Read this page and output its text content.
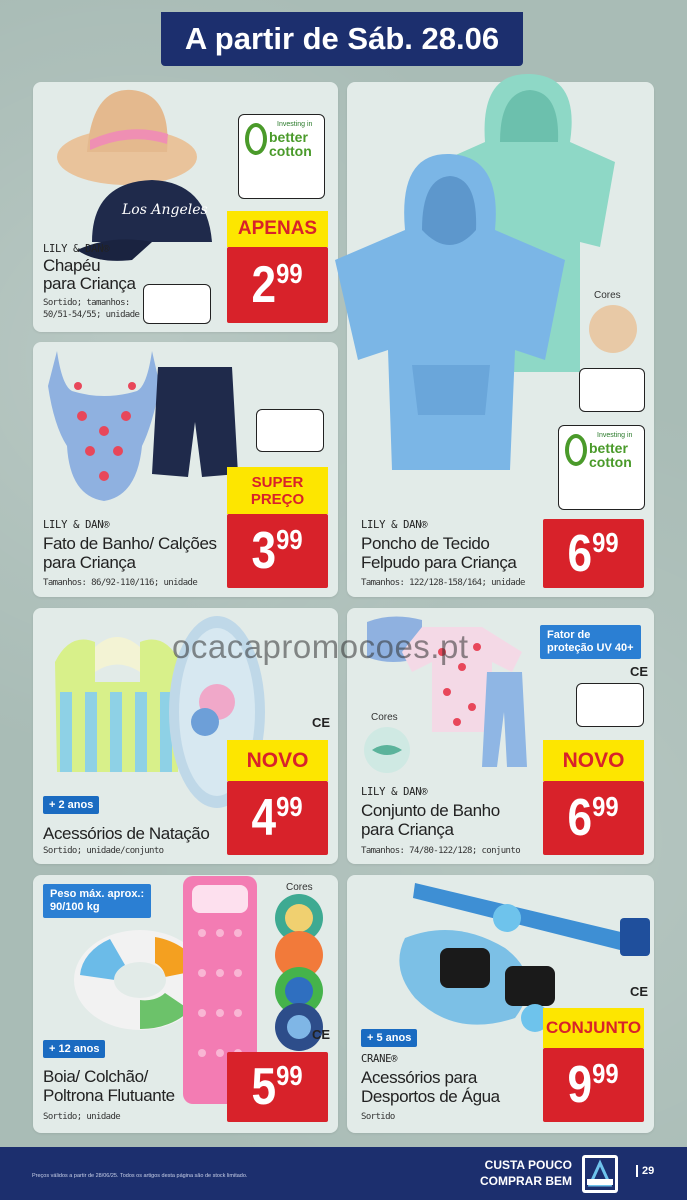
A partir de Sáb. 28.06
Los Angeles
LILY & DAN®
Chapéu
para Criança
Sortido; tamanhos:
50/51-54/55; unidade
Investing in
better
cotton
APENAS
2 99
Cores
Investing in
better
cotton
LILY & DAN®
Poncho de Tecido
Felpudo para Criança
Tamanhos: 122/128-158/164; unidade
6 99
SUPER
PREÇO
3 99
LILY & DAN®
Fato de Banho/ Calções
para Criança
Tamanhos: 86/92-110/116; unidade
CE
NOVO
4 99
+ 2 anos
Acessórios de Natação
Sortido; unidade/conjunto
Fator de
proteção UV 40+
CE
Cores
NOVO
6 99
LILY & DAN®
Conjunto de Banho
para Criança
Tamanhos: 74/80-122/128; conjunto
Peso máx. aprox.:
90/100 kg
Cores
CE
+ 12 anos
5 99
Boia/ Colchão/
Poltrona Flutuante
Sortido; unidade
CE
CONJUNTO
9 99
+ 5 anos
CRANE®
Acessórios para
Desportos de Água
Sortido
ocacapromocoes.pt
Preços válidos a partir de 28/06/25. Todos os artigos desta página são de stock limitado.
CUSTA POUCO
COMPRAR BEM
29
